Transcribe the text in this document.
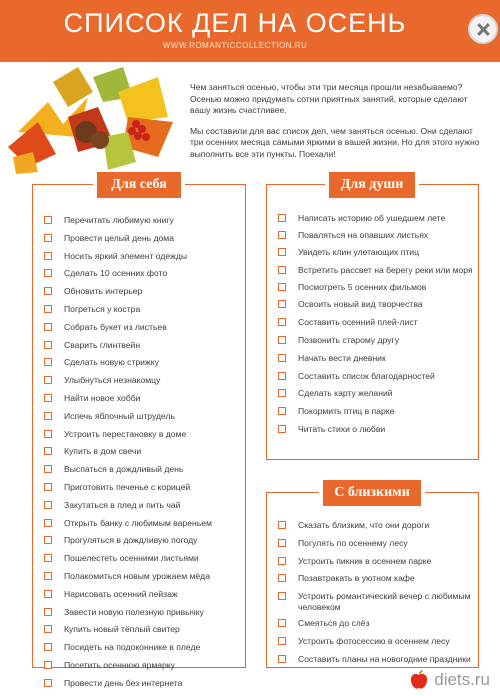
СПИСОК ДЕЛ НА ОСЕНЬ
WWW.ROMANTICCOLLECTION.RU

Чем заняться осенью, чтобы эти три месяца прошли незабываемо? Осенью можно придумать сотни приятных занятий, которые сделают вашу жизнь счастливее.

Мы составили для вас список дел, чем заняться осенью. Они сделают три осенних месяца самыми яркими в вашей жизни. Но для этого нужно выполнить все эти пункты. Поехали!

Для себя
Перечитать любимую книгу
Провести целый день дома
Носить яркий элемент одежды
Сделать 10 осенних фото
Обновить интерьер
Погреться у костра
Собрать букет из листьев
Сварить глинтвейн
Сделать новую стрижку
Улыбнуться незнакомцу
Найти новое хобби
Испечь яблочный штрудель
Устроить перестановку в доме
Купить в дом свечи
Выспаться в дождливый день
Приготовить печенье с корицей
Закутаться в плед и пить чай
Открыть банку с любимым вареньем
Прогуляться в дождливую погоду
Пошелестеть осенними листьями
Полакомиться новым урожаем мёда
Нарисовать осенний пейзаж
Завести новую полезную привычку
Купить новый тёплый свитер
Посидеть на подоконнике в пледе
Посетить осеннюю ярмарку
Провести день без интернета
Для души
Написать историю об ушедшем лете
Поваляться на опавших листьях
Увидеть клин улетающих птиц
Встретить рассвет на берегу реки или моря
Посмотреть 5 осенних фильмов
Освоить новый вид творчества
Составить осенний плей-лист
Позвонить старому другу
Начать вести дневник
Составить список благодарностей
Сделать карту желаний
Покормить птиц в парке
Читать стихи о любви
С близкими
Сказать близким, что они дороги
Погулять по осеннему лесу
Устроить пикник в осеннем парке
Позавтракать в уютном кафе
Устроить романтический вечер с любимым человеком
Смеяться до слёз
Устроить фотосессию в осеннем лесу
Составить планы на новогодние праздники
diets.ru
